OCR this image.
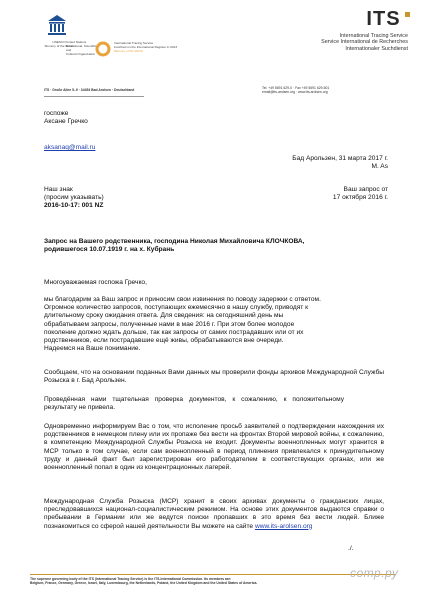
UNESCO
Memory of the World
United Nations
Educational, Scientific and
Cultural Organization
International Tracing Service
inscribed on the International Register in 2013
Memory of the World
ITS
International Tracing Service
Service International de Recherches
Internationaler Suchdienst
ITS · Große Allee 5–9 · 34454 Bad Arolsen · Deutschland	Tel. +49 5691 629-0 · Fax +49 5691 629-501
email@its-arolsen.org · www.its-arolsen.org
госпоже
Аксане Гречко
aksanaq@mail.ru
Бад Арользен, 31 марта 2017 г.
M. As
Наш знак
(просим указывать)
2016-10-17: 001 NZ
Ваш запрос от
17 октября 2016 г.
Запрос на Вашего родственника, господина Николая Михайловича КЛОЧКОВА,
родившегося 10.07.1919 г. на х. Кубрань
Многоуважаемая госпожа Гречко,
мы благодарим за Ваш запрос и приносим свои извинения по поводу задержки с ответом.
Огромное количество запросов, поступающих ежемесячно в нашу службу, приводят к
длительному сроку ожидания ответа. Для сведения: на сегодняшний день мы
обрабатываем запросы, полученные нами в мае 2016 г. При этом более молодое
поколение должно ждать дольше, так как запросы от самих пострадавших или от их
родственников, если пострадавшие ещё живы, обрабатываются вне очереди.
Надеемся на Ваше понимание.
Сообщаем, что на основании поданных Вами данных мы проверили фонды архивов Международной Службы Розыска в г. Бад Арользен.
Проведённая нами тщательная проверка документов, к сожалению, к положительному результату не привела.
Одновременно информируем Вас о том, что исполение просьб заявителей о подтверждении нахождения их родственников в немецком плену или их пропаже без вести на фронтах Второй мировой войны, к сожалению, в компетенцию Международной Службы Розыска не входит. Документы военнопленных могут хранится в МСР только в том случае, если сам военнопленный в период плинения привлекался к принудительному труду и данный факт был зарегистрирован его работодателем в соответствующих органах, или же военнопленный попал в один из концентрационных лагерей.
Международная Служба Розыска (МСР) хранит в своих архивах документы о гражданских лицах, преследовавшихся национал-социалистическим режимом. На основе этих документов выдаются справки о пребывании в Германии или же ведутся поиски пропавших в это время без вести людей. Ближе познакомиться со сферой нашей деятельности Вы можете на сайте www.its-arolsen.org
./.
The supreme governing body of the ITS (International Tracing Service) is the ITS-International Commission. Its members are:
Belgium, France, Germany, Greece, Israel, Italy, Luxembourg, the Netherlands, Poland, the United Kingdom and the United States of America.
сотр.ру
